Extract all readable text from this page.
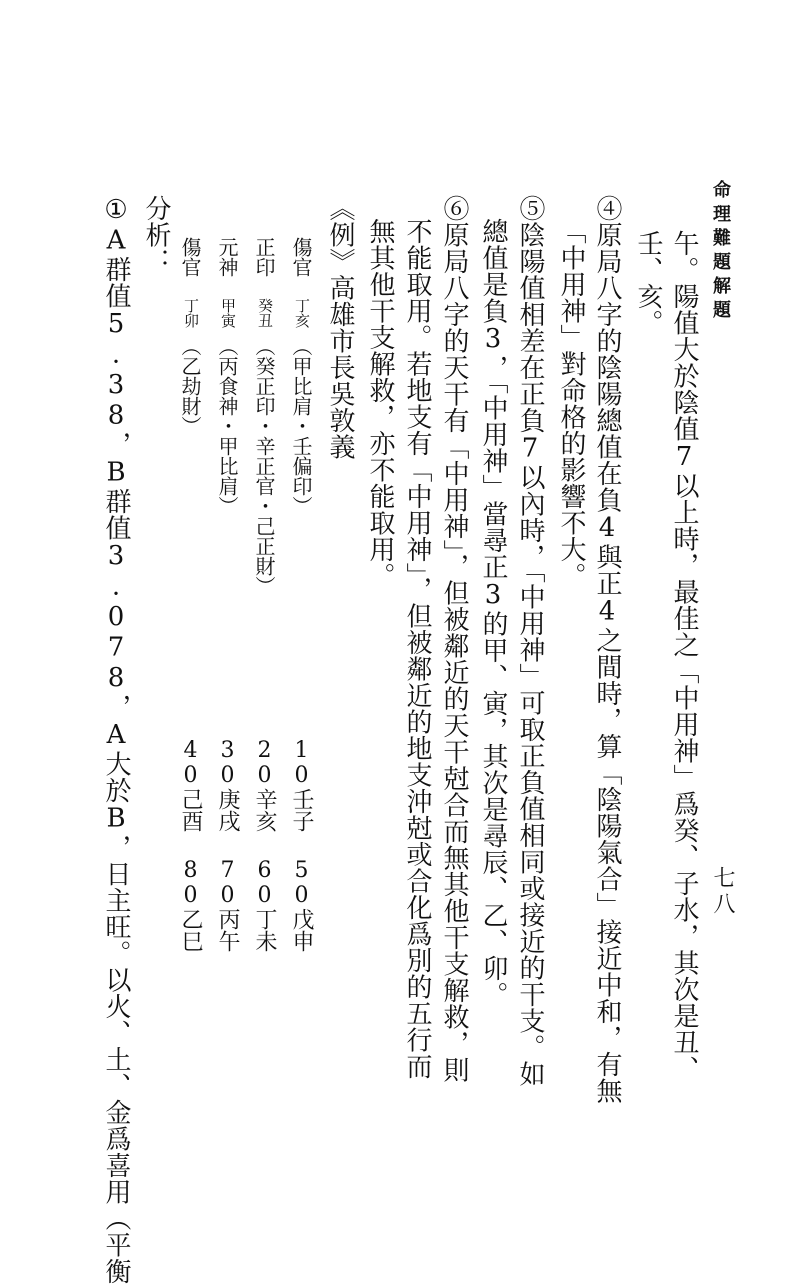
命理難題解題
七八
午。陽值大於陰值7以上時，最佳之「中用神」爲癸、子水，其次是丑、
壬、亥。
④原局八字的陰陽總值在負4與正4之間時，算「陰陽氣合」接近中和，有無
「中用神」對命格的影響不大。
⑤陰陽值相差在正負7以內時，「中用神」可取正負值相同或接近的干支。如
總值是負3，「中用神」當尋正3的甲、寅，其次是尋辰、乙、卯。
⑥原局八字的天干有「中用神」，但被鄰近的天干尅合而無其他干支解救，則
不能取用。若地支有「中用神」，但被鄰近的地支沖尅或合化爲別的五行而
無其他干支解救，亦不能取用。
《例》高雄市長吳敦義
傷官
丁亥
（甲比肩・壬偏印）
10壬子
50戊申
正印
癸丑
（癸正印・辛正官・己正財）
20辛亥
60丁未
元神
甲寅
（丙食神・甲比肩）
30庚戌
70丙午
傷官
丁卯
（乙劫財）
40己酉
80乙巳
分析：
①A群值5.38，B群值3.078，A大於B，日主旺。以火、土、金爲喜用（平衡
